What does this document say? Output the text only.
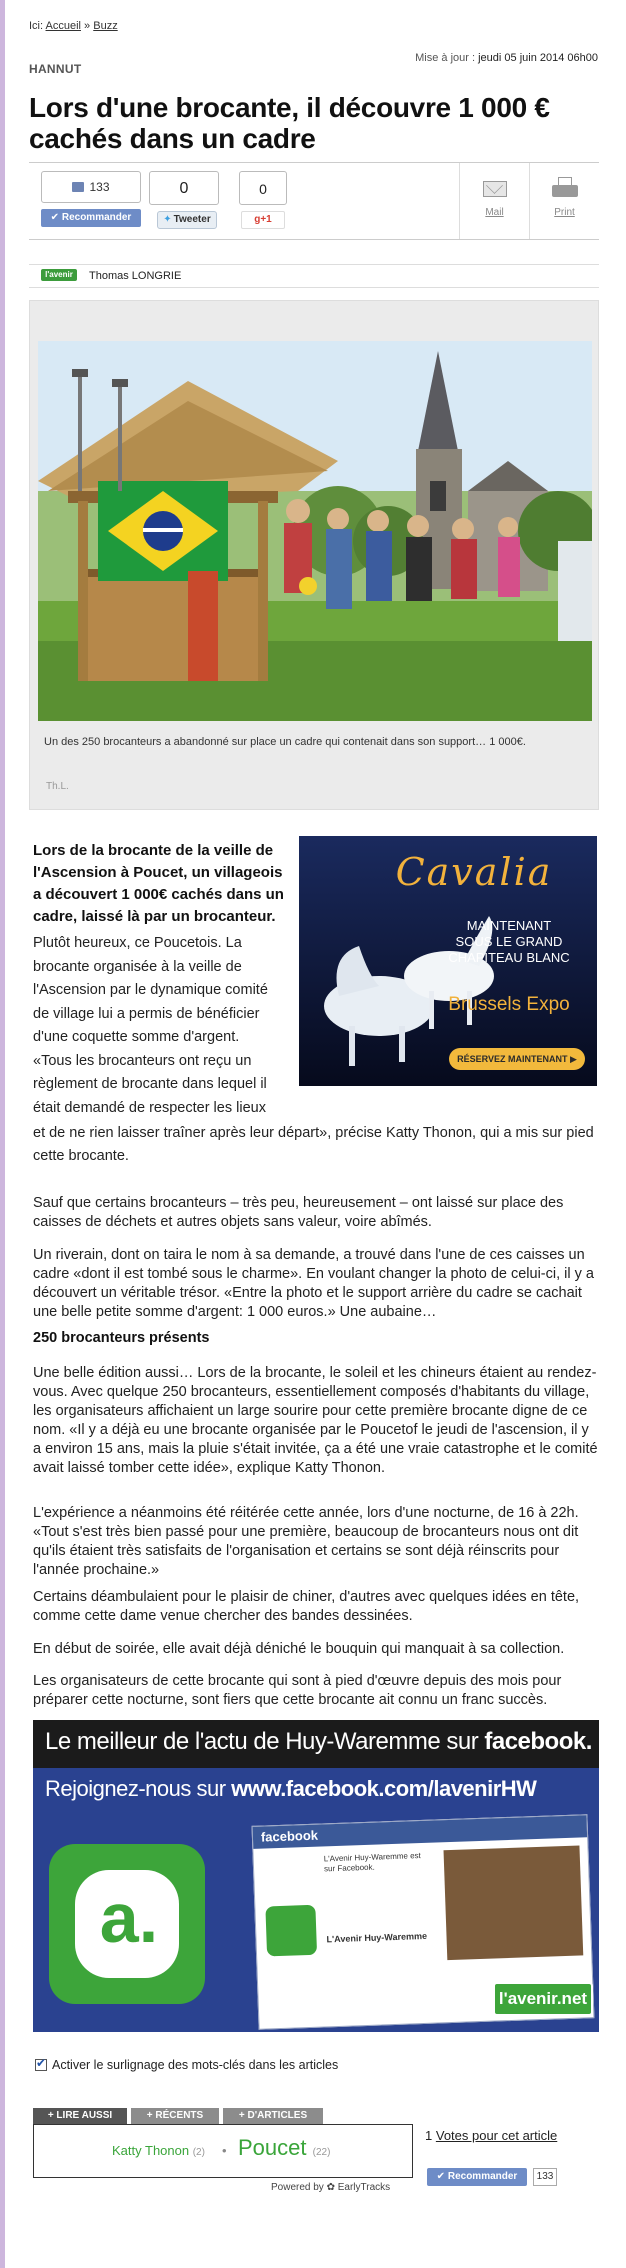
Ici: Accueil » Buzz
HANNUT
Mise à jour : jeudi 05 juin 2014 06h00
Lors d'une brocante, il découvre 1 000 € cachés dans un cadre
133
✔ Recommander
0
✦ Tweeter
0
g+1
Mail	Print
l'avenir	Thomas LONGRIE
Un des 250 brocanteurs a abandonné sur place un cadre qui contenait dans son support… 1 000€.
Th.L.
Lors de la brocante de la veille de l'Ascension à Poucet, un villageois a découvert 1 000€ cachés dans un cadre, laissé là par un brocanteur.
Cavalia
MAINTENANT
SOUS LE GRAND
CHAPITEAU BLANC
Brussels Expo
RÉSERVEZ MAINTENANT ▶
Plutôt heureux, ce Poucetois. La
brocante organisée à la veille de
l'Ascension par le dynamique comité
de village lui a permis de bénéficier
d'une coquette somme d'argent.
«Tous les brocanteurs ont reçu un
règlement de brocante dans lequel il
était demandé de respecter les lieux
et de ne rien laisser traîner après leur départ», précise Katty Thonon, qui a mis sur pied cette brocante.
Sauf que certains brocanteurs – très peu, heureusement – ont laissé sur place des caisses de déchets et autres objets sans valeur, voire abîmés.
Un riverain, dont on taira le nom à sa demande, a trouvé dans l'une de ces caisses un cadre «dont il est tombé sous le charme». En voulant changer la photo de celui-ci, il y a découvert un véritable trésor. «Entre la photo et le support arrière du cadre se cachait une belle petite somme d'argent: 1 000 euros.» Une aubaine…
250 brocanteurs présents
Une belle édition aussi… Lors de la brocante, le soleil et les chineurs étaient au rendez-vous. Avec quelque 250 brocanteurs, essentiellement composés d'habitants du village, les organisateurs affichaient un large sourire pour cette première brocante digne de ce nom. «Il y a déjà eu une brocante organisée par le Poucetof le jeudi de l'ascension, il y a environ 15 ans, mais la pluie s'était invitée, ça a été une vraie catastrophe et le comité avait laissé tomber cette idée», explique Katty Thonon.
L'expérience a néanmoins été réitérée cette année, lors d'une nocturne, de 16 à 22h. «Tout s'est très bien passé pour une première, beaucoup de brocanteurs nous ont dit qu'ils étaient très satisfaits de l'organisation et certains se sont déjà réinscrits pour l'année prochaine.»
Certains déambulaient pour le plaisir de chiner, d'autres avec quelques idées en tête, comme cette dame venue chercher des bandes dessinées.
En début de soirée, elle avait déjà déniché le bouquin qui manquait à sa collection.
Les organisateurs de cette brocante qui sont à pied d'œuvre depuis des mois pour préparer cette nocturne, sont fiers que cette brocante ait connu un franc succès.
Le meilleur de l'actu de Huy-Waremme sur facebook.
Rejoignez-nous sur www.facebook.com/lavenirHW
a.
facebook
L'Avenir Huy-Waremme est sur Facebook.
L'Avenir Huy-Waremme
l'avenir.net
✔Activer le surlignage des mots-clés dans les articles
+ LIRE AUSSI	+ RÉCENTS	+ D'ARTICLES
Katty Thonon (2) • Poucet (22)
Powered by ✿ EarlyTracks
1 Votes pour cet article
✔ Recommander	133
